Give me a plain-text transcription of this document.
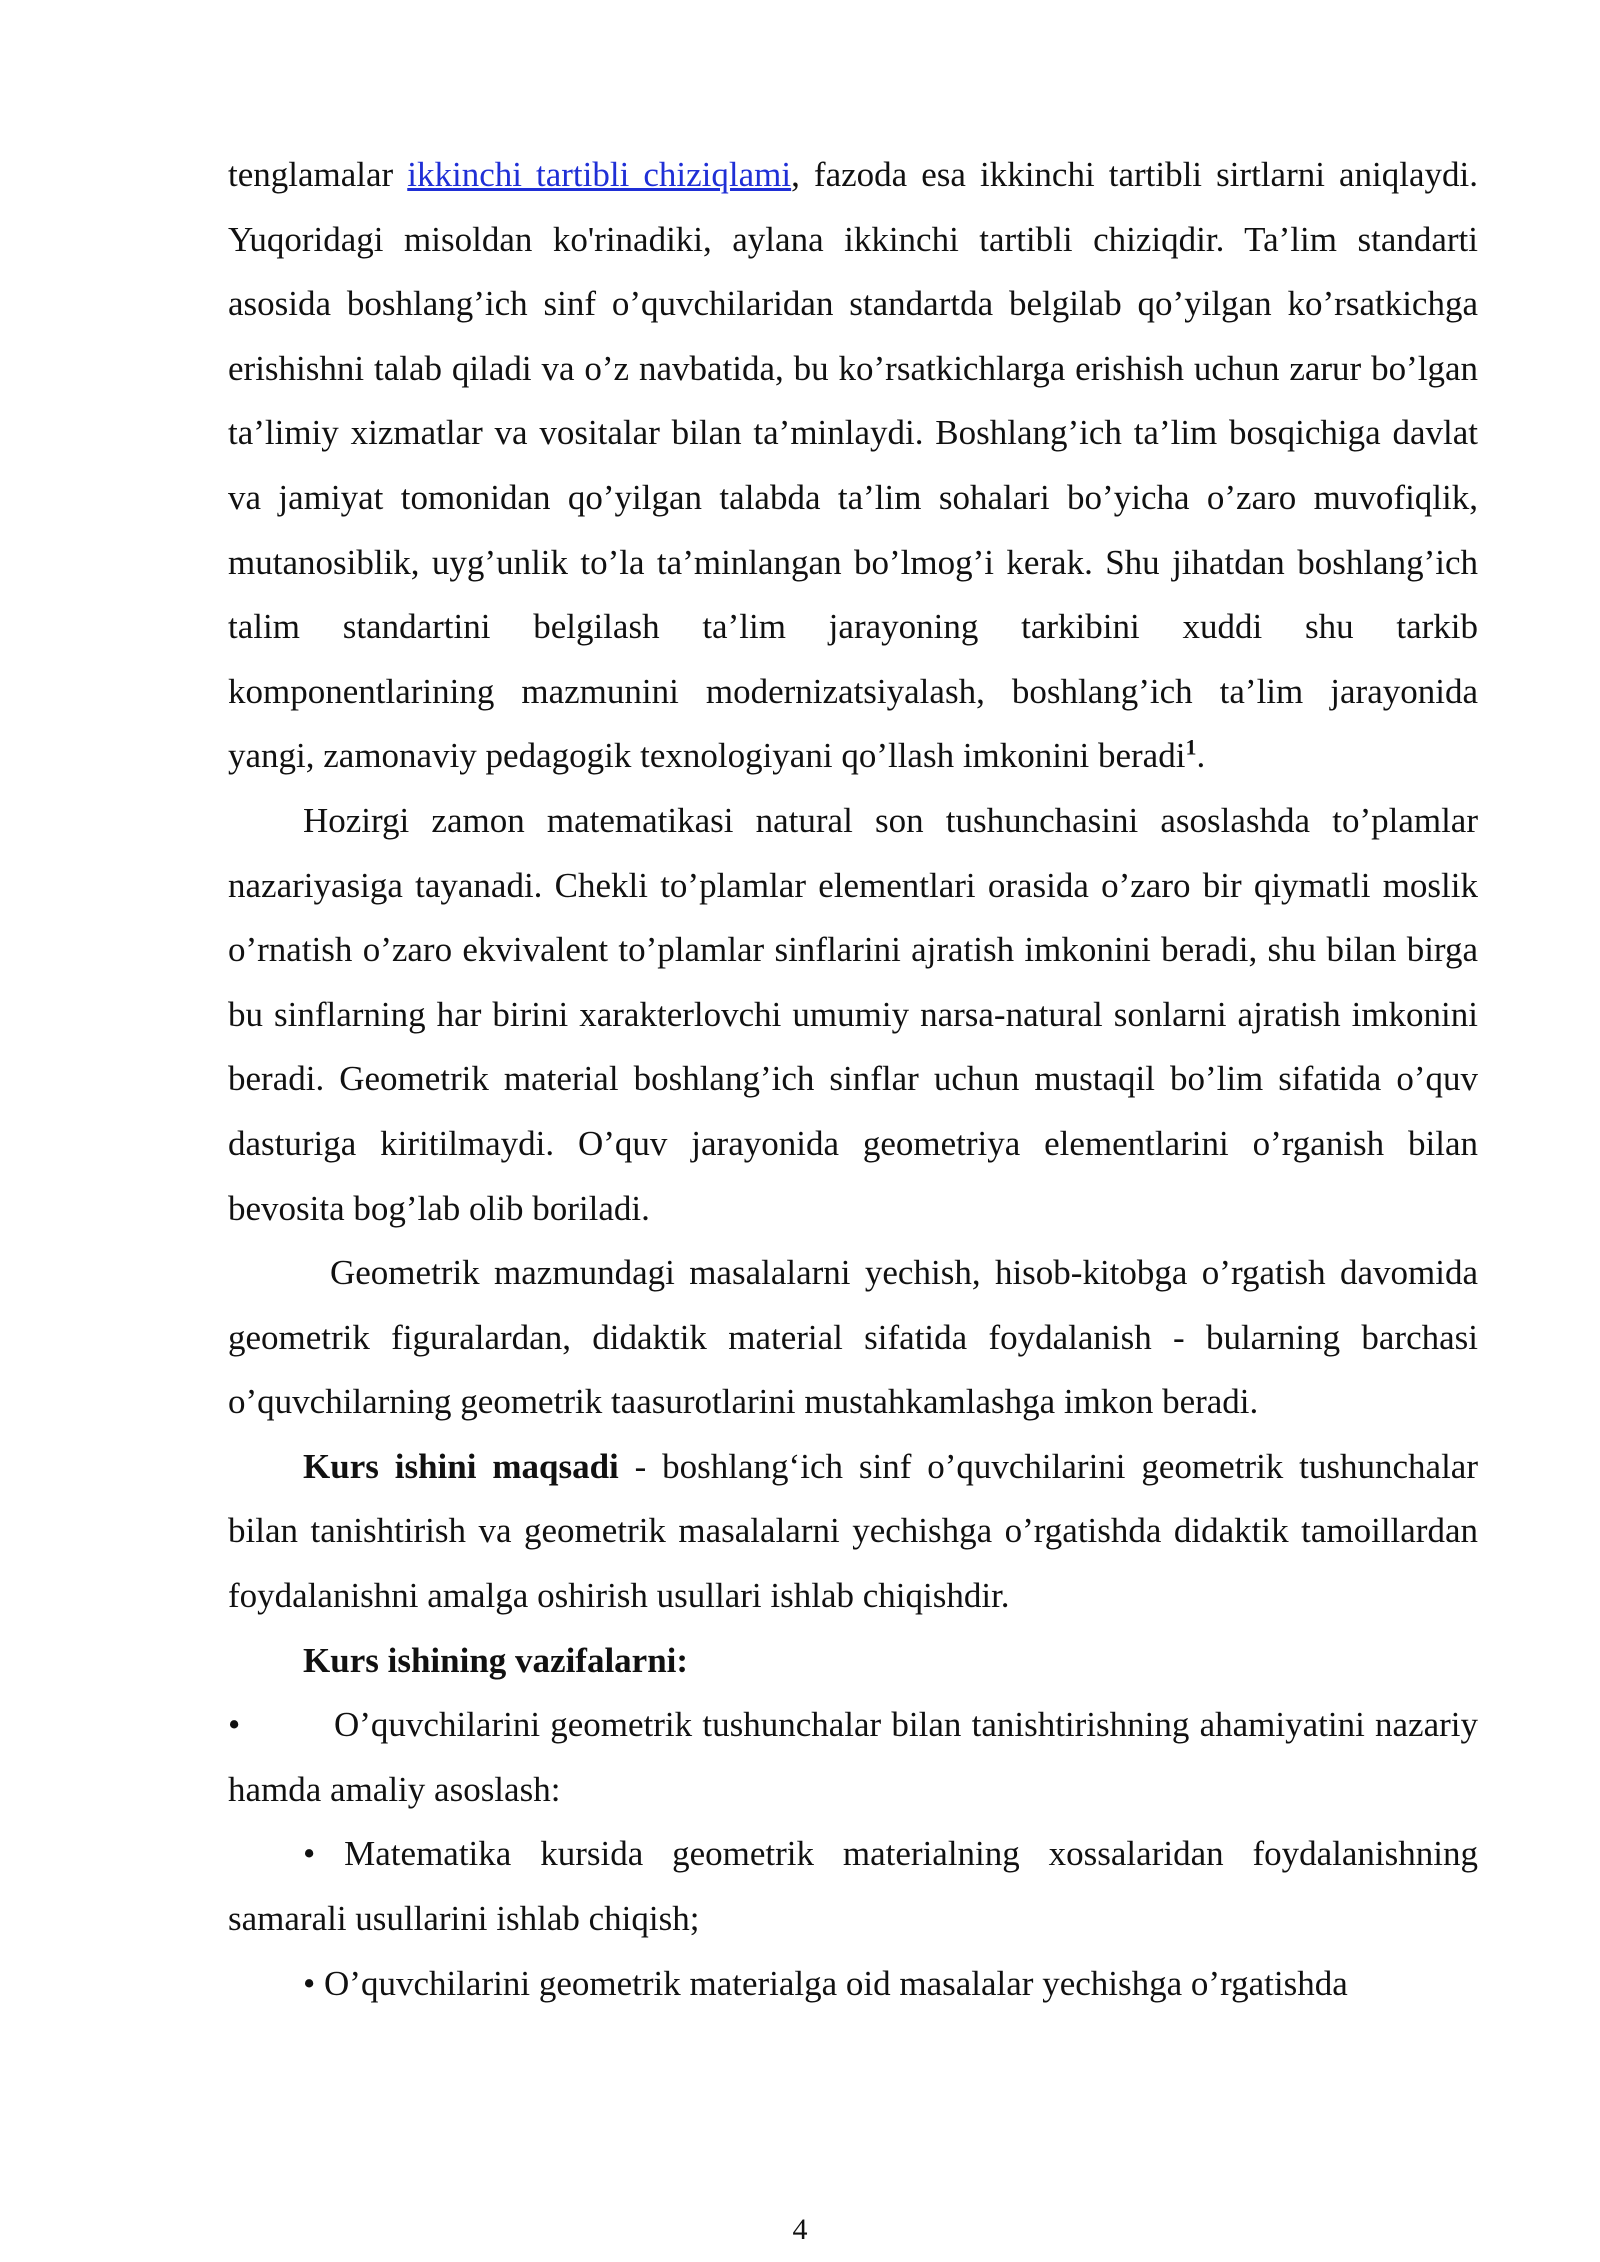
tenglamalar ikkinchi tartibli chiziqlami, fazoda esa ikkinchi tartibli sirtlarni aniqlaydi. Yuqoridagi misoldan ko'rinadiki, aylana ikkinchi tartibli chiziqdir. Ta’lim standarti asosida boshlang’ich sinf o’quvchilaridan standartda belgilab qo’yilgan ko’rsatkichga erishishni talab qiladi va o’z navbatida, bu ko’rsatkichlarga erishish uchun zarur bo’lgan ta’limiy xizmatlar va vositalar bilan ta’minlaydi. Boshlang’ich ta’lim bosqichiga davlat va jamiyat tomonidan qo’yilgan talabda ta’lim sohalari bo’yicha o’zaro muvofiqlik, mutanosiblik, uyg’unlik to’la ta’minlangan bo’lmog’i kerak. Shu jihatdan boshlang’ich talim standartini belgilash ta’lim jarayoning tarkibini xuddi shu tarkib komponentlarining mazmunini modernizatsiyalash, boshlang’ich ta’lim jarayonida yangi, zamonaviy pedagogik texnologiyani qo’llash imkonini beradi$^1$.

Hozirgi zamon matematikasi natural son tushunchasini asoslashda to’plamlar nazariyasiga tayanadi. Chekli to’plamlar elementlari orasida o’zaro bir qiymatli moslik o’rnatish o’zaro ekvivalent to’plamlar sinflarini ajratish imkonini beradi, shu bilan birga bu sinflarning har birini xarakterlovchi umumiy narsa-natural sonlarni ajratish imkonini beradi. Geometrik material boshlang’ich sinflar uchun mustaqil bo’lim sifatida o’quv dasturiga kiritilmaydi. O’quv jarayonida geometriya elementlarini o’rganish bilan bevosita bog’lab olib boriladi.

Geometrik mazmundagi masalalarni yechish, hisob-kitobga o’rgatish davomida geometrik figuralardan, didaktik material sifatida foydalanish - bularning barchasi o’quvchilarning geometrik taasurotlarini mustahkamlashga imkon beradi.

Kurs ishini maqsadi - boshlang‘ich sinf o’quvchilarini geometrik tushunchalar bilan tanishtirish va geometrik masalalarni yechishga o’rgatishda didaktik tamoillardan foydalanishni amalga oshirish usullari ishlab chiqishdir.

Kurs ishining vazifalarni:

•	O’quvchilarini geometrik tushunchalar bilan tanishtirishning ahamiyatini nazariy hamda amaliy asoslash:

• Matematika kursida geometrik materialning xossalaridan foydalanishning samarali usullarini ishlab chiqish;

• O’quvchilarini geometrik materialga oid masalalar yechishga o’rgatishda

4
